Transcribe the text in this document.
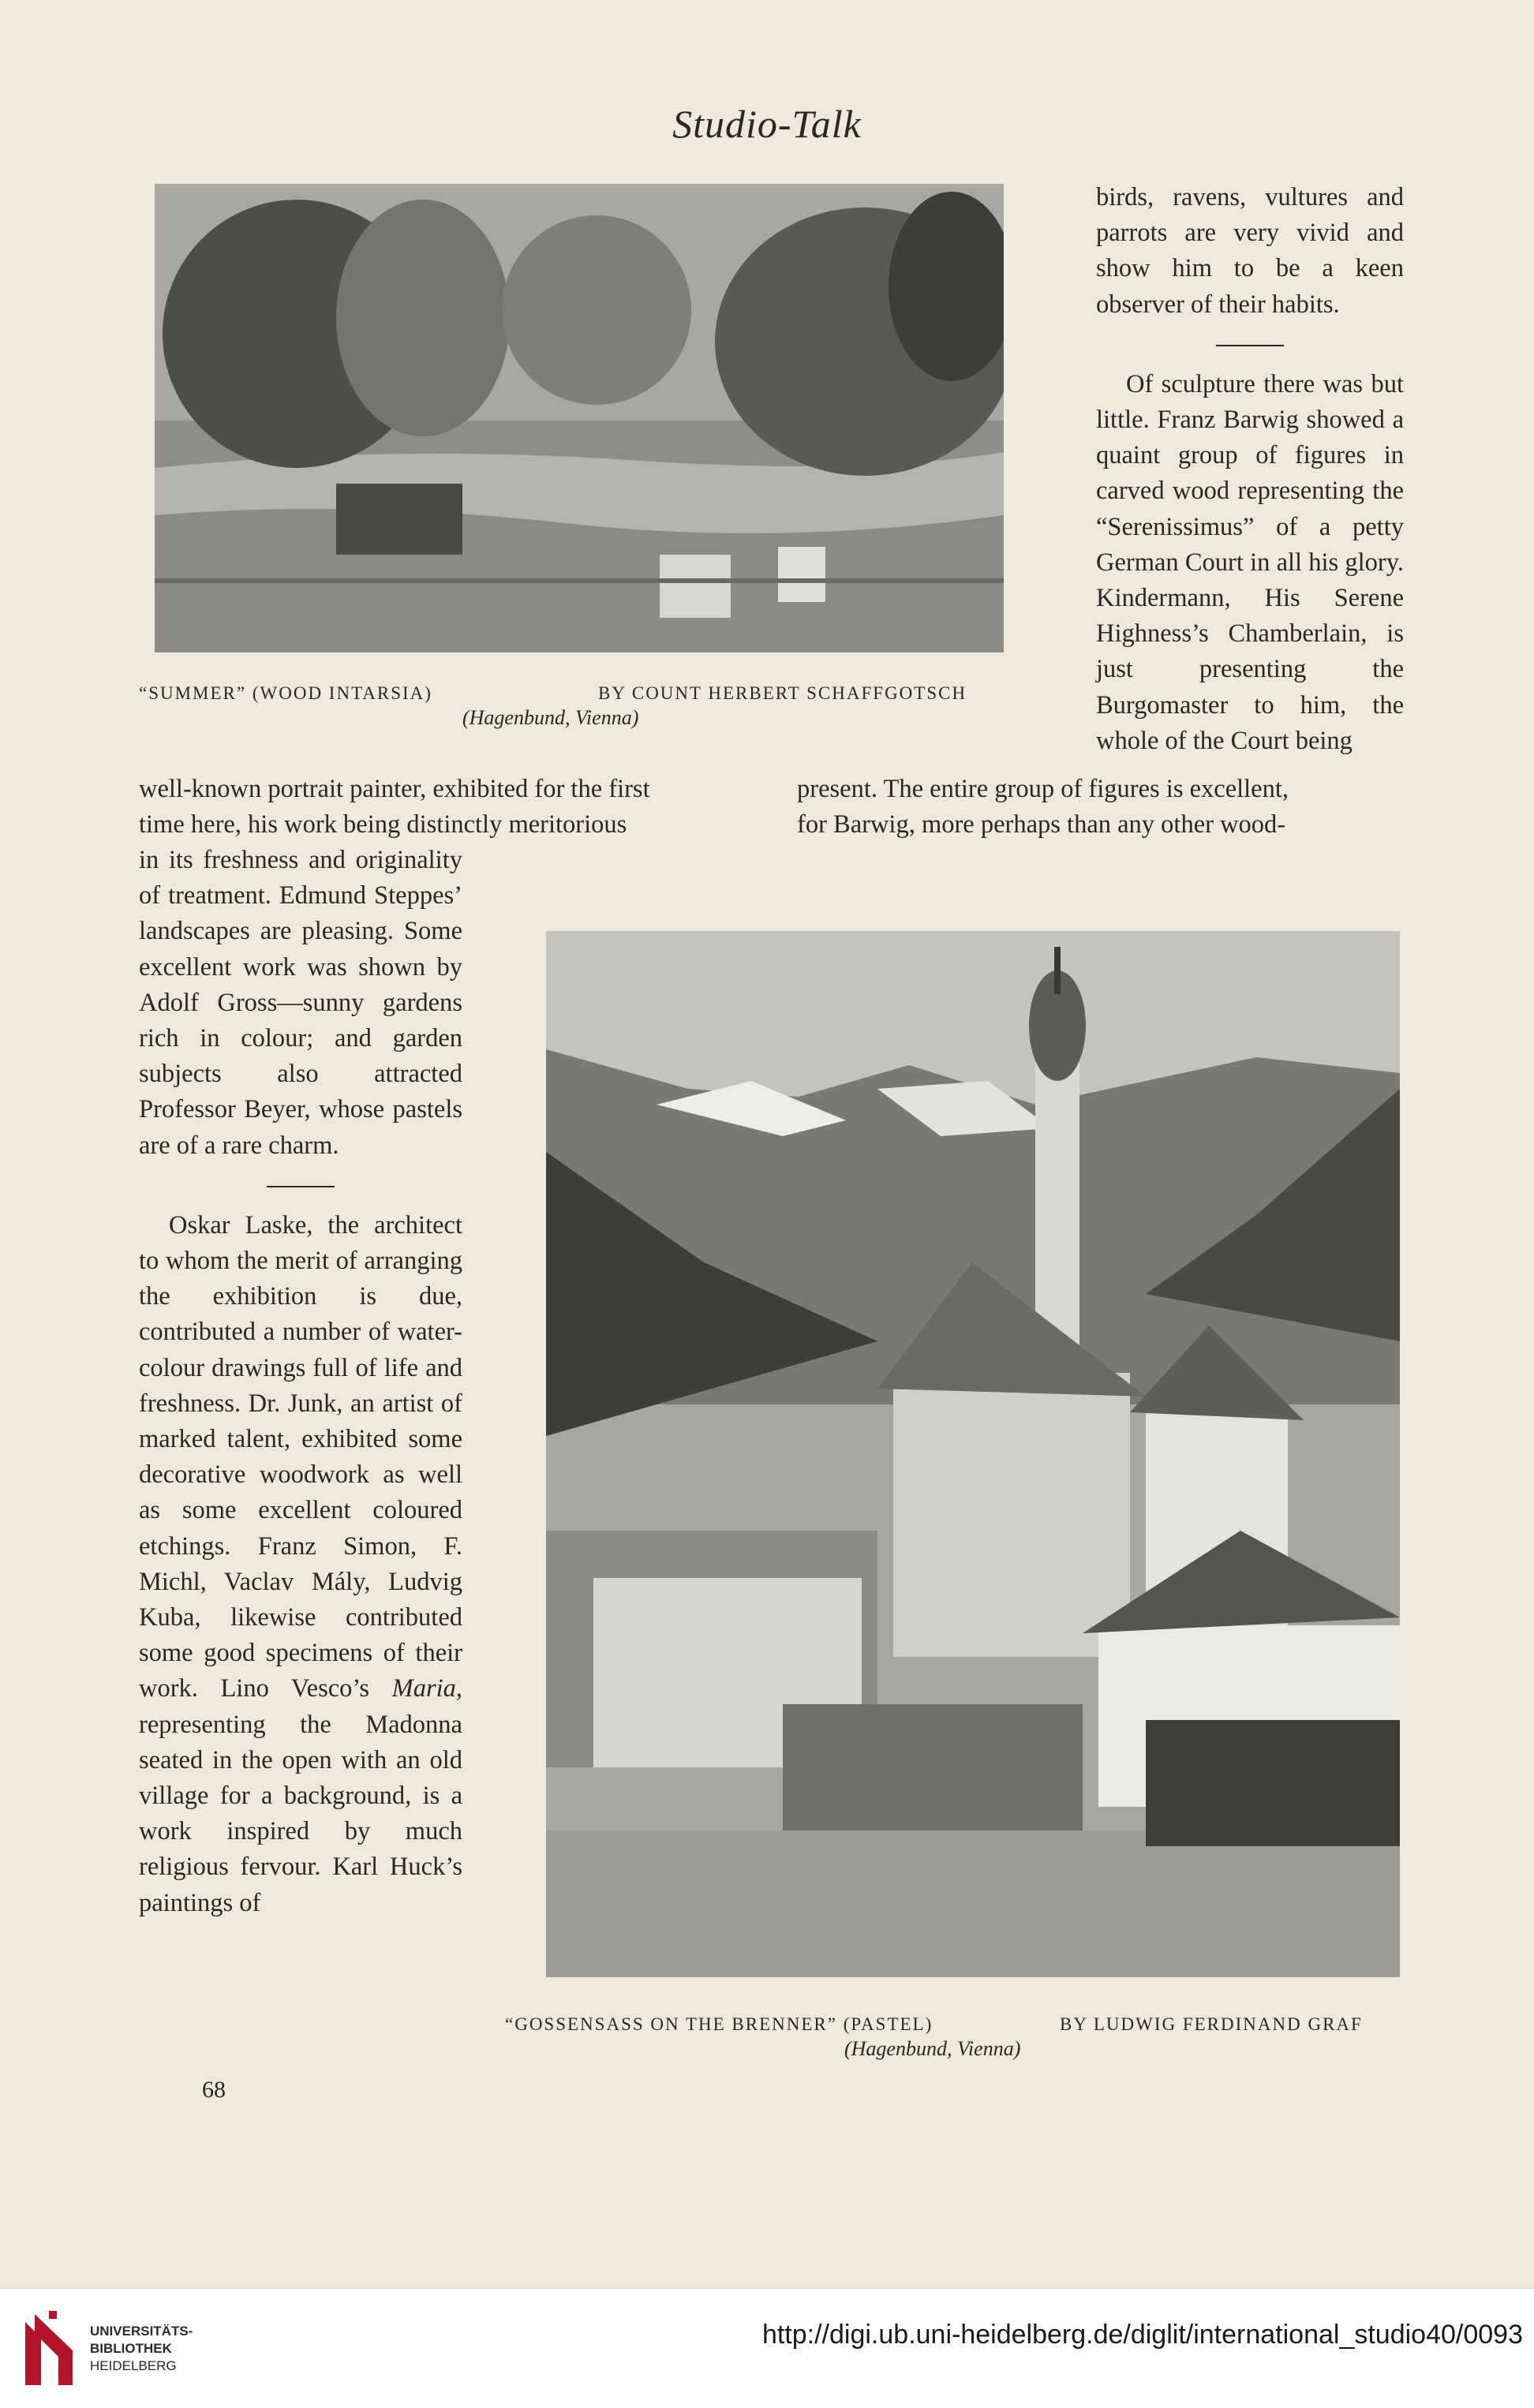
Studio-Talk
“SUMMER” (WOOD INTARSIA)	BY COUNT HERBERT SCHAFFGOTSCH
(Hagenbund, Vienna)

birds, ravens, vultures and parrots are very vivid and show him to be a keen observer of their habits.

Of sculpture there was but little. Franz Barwig showed a quaint group of figures in carved wood representing the “Serenissimus” of a petty German Court in all his glory. Kindermann, His Serene Highness’s Chamberlain, is just presenting the Burgomaster to him, the whole of the Court being

well-known portrait painter, exhibited for the first
time here, his work being distinctly meritorious
present. The entire group of figures is excellent,
for Barwig, more perhaps than any other wood-

in its freshness and originality of treatment. Edmund Steppes’ landscapes are pleasing. Some excellent work was shown by Adolf Gross—sunny gardens rich in colour; and garden subjects also attracted Professor Beyer, whose pastels are of a rare charm.

Oskar Laske, the architect to whom the merit of arranging the exhibition is due, contributed a number of water-colour drawings full of life and freshness. Dr. Junk, an artist of marked talent, exhibited some decorative woodwork as well as some excellent coloured etchings. Franz Simon, F. Michl, Vaclav Mály, Ludvig Kuba, likewise contributed some good specimens of their work. Lino Vesco’s Maria, representing the Madonna seated in the open with an old village for a background, is a work inspired by much religious fervour. Karl Huck’s paintings of

“GOSSENSASS ON THE BRENNER” (PASTEL)	BY LUDWIG FERDINAND GRAF
(Hagenbund, Vienna)
68
UNIVERSITÄTS-
BIBLIOTHEK
HEIDELBERG
http://digi.ub.uni-heidelberg.de/diglit/international_studio40/0093
